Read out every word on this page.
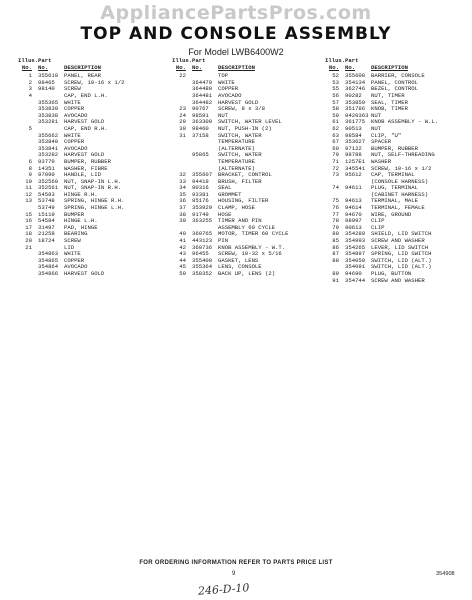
AppliancePartsPros.com
TOP AND CONSOLE ASSEMBLY
For Model LWB6400W2
Illus. Part
No.	No.	DESCRIPTION
1	355610	PANEL, REAR
2	98465	SCREW, 10-16 x 1/2
3	98140	SCREW
4	CAP, END L.H.
355365	WHITE
353839	COPPER
353838	AVOCADO
353281	HARVEST GOLD
5	CAP, END R.H.
355662	WHITE
353840	COPPER
353841	AVOCADO
353282	HARVEST GOLD
6	93770	BUMPER, RUBBER
8	14351	WASHER, FIBRE
9	97090	HANDLE, LID
10	352560	NUT, SNAP-IN L.H.
11	352561	NUT, SNAP-IN R.H.
12	54583	HINGE R.H.
13	53748	SPRING, HINGE R.H.
53749	SPRING, HINGE L.H.
15	15119	BUMPER
16	54584	HINGE L.H.
17	31497	PAD, HINGE
18	21258	BEARING
20	18724	SCREW
21	LID
354863	WHITE
354865	COPPER
354864	AVOCADO
354866	HARVEST GOLD
Illus. Part
No.	No.	DESCRIPTION
22	TOP
364479	WHITE
364480	COPPER
364481	AVOCADO
364482	HARVEST GOLD
23	90767	SCREW, 8 x 3/8
24	98591	NUT
29	363300	SWITCH, WATER LEVEL
30	98460	NUT, PUSH-IN (2)
31	37158	SWITCH, WATER
TEMPERATURE
(ALTERNATE)
95865	SWITCH, WATER
TEMPERATURE
(ALTERNATE)
32	355607	BRACKET, CONTROL
33	94419	BRUSH, FILTER
34	90316	SEAL
35	93381	GROMMET
36	95176	HOUSING, FILTER
37	353929	CLAMP, HOSE
38	91749	HOSE
39	363255	TIMER AND PIN
ASSEMBLY 60 CYCLE
40	360765	MOTOR, TIMER 60 CYCLE
41	443123	PIN
42	360736	KNOB ASSEMBLY - W.T.
43	96455	SCREW, 10-32 x 5/16
44	355400	GASKET, LENS
45	355364	LENS, CONSOLE
50	358352	BACK UP, LENS (2)
Illus. Part
No.	No.	DESCRIPTION
52	355608	BARRIER, CONSOLE
53	354134	PANEL, CONTROL
55	362746	BEZEL, CONTROL
56	90282	NUT, TIMER
57	353859	SEAL, TIMER
58	351786	KNOB, TIMER
59	9420363 NUT
61	361775	KNOB ASSEMBLY - W.L.
62	90513	NUT
63	98584	CLIP, "U"
67	353627	SPACER
69	97122	BUMPER, RUBBER
70	98788	NUT, SELF-THREADING
71	1257E1	WASHER
72	345541	SCREW, 10-16 x 1/2
73	95612	CAP, TERMINAL
(CONSOLE HARNESS)
74	94611	PLUG, TERMINAL
(CABINET HARNESS)
75	94613	TERMINAL, MALE
76	94614	TERMINAL, FEMALE
77	94670	WIRE, GROUND
78	98997	CLIP
79	90613	CLIP
80	354289	SHIELD, LID SWITCH
85	354993	SCREW AND WASHER
86	354265	LEVER, LID SWITCH
87	354897	SPRING, LID SWITCH
88	354050	SWITCH, LID (ALT.)
354091	SWITCH, LID (ALT.)
89	94690	PLUG, BUTTON
91	354744	SCREW AND WASHER
FOR ORDERING INFORMATION REFER TO PARTS PRICE LIST
9	354908
246-D-10
